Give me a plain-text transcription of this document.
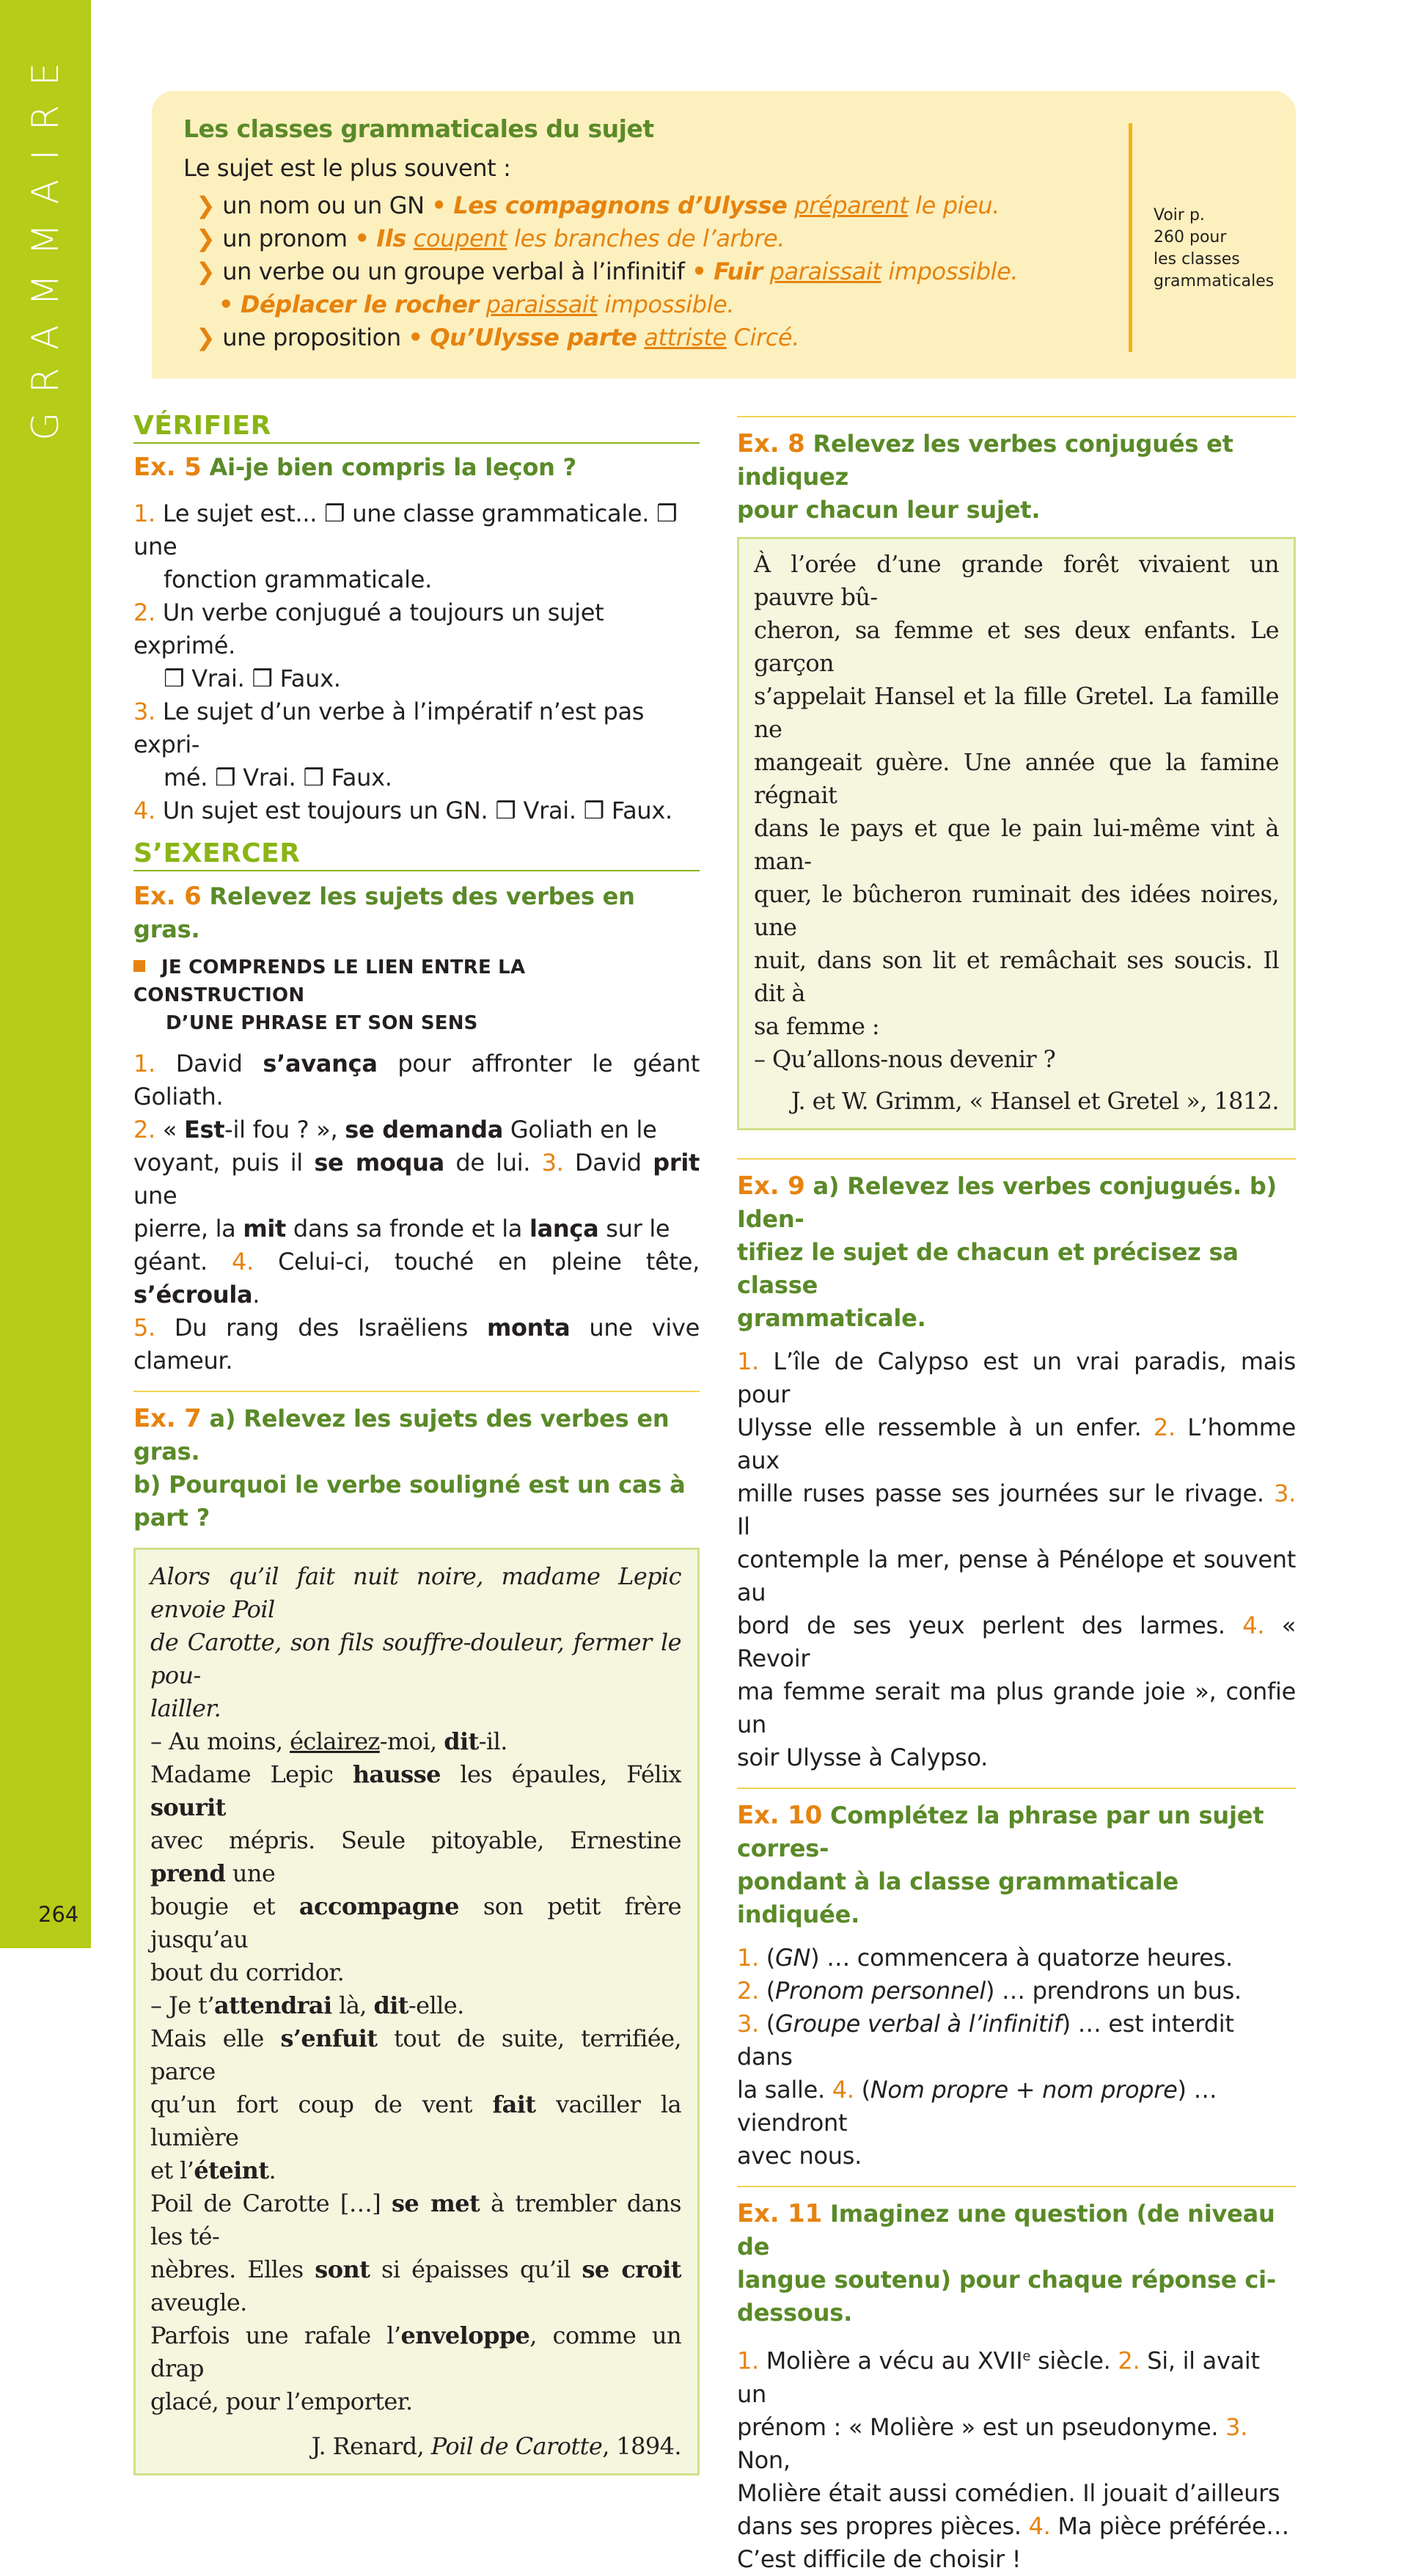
GRAMMAIRE
264
Les classes grammaticales du sujet
Le sujet est le plus souvent :
❯ un nom ou un GN • Les compagnons d’Ulysse préparent le pieu.
❯ un pronom • Ils coupent les branches de l’arbre.
❯ un verbe ou un groupe verbal à l’infinitif • Fuir paraissait impossible.
• Déplacer le rocher paraissait impossible.
❯ une proposition • Qu’Ulysse parte attriste Circé.
Voir p.
260 pour
les classes
grammaticales
VÉRIFIER
Ex. 5 Ai-je bien compris la leçon ?
1. Le sujet est... ❒ une classe grammaticale. ❒ une
fonction grammaticale.
2. Un verbe conjugué a toujours un sujet exprimé.
❒ Vrai. ❒ Faux.
3. Le sujet d’un verbe à l’impératif n’est pas expri-
mé. ❒ Vrai. ❒ Faux.
4. Un sujet est toujours un GN. ❒ Vrai. ❒ Faux.
S’EXERCER
Ex. 6 Relevez les sujets des verbes en gras.
JE COMPRENDS LE LIEN ENTRE LA CONSTRUCTION
D’UNE PHRASE ET SON SENS
1. David s’avança pour affronter le géant Goliath.
2. « Est-il fou ? », se demanda Goliath en le
voyant, puis il se moqua de lui. 3. David prit une
pierre, la mit dans sa fronde et la lança sur le
géant. 4. Celui-ci, touché en pleine tête, s’écroula.
5. Du rang des Israëliens monta une vive clameur.
Ex. 7 a) Relevez les sujets des verbes en gras.
b) Pourquoi le verbe souligné est un cas à part ?
Alors qu’il fait nuit noire, madame Lepic envoie Poil
de Carotte, son fils souffre-douleur, fermer le pou-
lailler.
– Au moins, éclairez-moi, dit-il.
Madame Lepic hausse les épaules, Félix sourit
avec mépris. Seule pitoyable, Ernestine prend une
bougie et accompagne son petit frère jusqu’au
bout du corridor.
– Je t’attendrai là, dit-elle.
Mais elle s’enfuit tout de suite, terrifiée, parce
qu’un fort coup de vent fait vaciller la lumière
et l’éteint.
Poil de Carotte […] se met à trembler dans les té-
nèbres. Elles sont si épaisses qu’il se croit aveugle.
Parfois une rafale l’enveloppe, comme un drap
glacé, pour l’emporter.
J. Renard, Poil de Carotte, 1894.
Ex. 8 Relevez les verbes conjugués et indiquez
pour chacun leur sujet.
À l’orée d’une grande forêt vivaient un pauvre bû-
cheron, sa femme et ses deux enfants. Le garçon
s’appelait Hansel et la fille Gretel. La famille ne
mangeait guère. Une année que la famine régnait
dans le pays et que le pain lui-même vint à man-
quer, le bûcheron ruminait des idées noires, une
nuit, dans son lit et remâchait ses soucis. Il dit à
sa femme :
– Qu’allons-nous devenir ?
J. et W. Grimm, « Hansel et Gretel », 1812.
Ex. 9 a) Relevez les verbes conjugués. b) Iden-
tifiez le sujet de chacun et précisez sa classe
grammaticale.
1. L’île de Calypso est un vrai paradis, mais pour
Ulysse elle ressemble à un enfer. 2. L’homme aux
mille ruses passe ses journées sur le rivage. 3. Il
contemple la mer, pense à Pénélope et souvent au
bord de ses yeux perlent des larmes. 4. « Revoir
ma femme serait ma plus grande joie », confie un
soir Ulysse à Calypso.
Ex. 10 Complétez la phrase par un sujet corres-
pondant à la classe grammaticale indiquée.
1. (GN) … commencera à quatorze heures.
2. (Pronom personnel) … prendrons un bus.
3. (Groupe verbal à l’infinitif) … est interdit dans
la salle. 4. (Nom propre + nom propre) … viendront
avec nous.
Ex. 11 Imaginez une question (de niveau de
langue soutenu) pour chaque réponse ci-dessous.
1. Molière a vécu au XVIIe siècle. 2. Si, il avait un
prénom : « Molière » est un pseudonyme. 3. Non,
Molière était aussi comédien. Il jouait d’ailleurs
dans ses propres pièces. 4. Ma pièce préférée…
C’est difficile de choisir !
